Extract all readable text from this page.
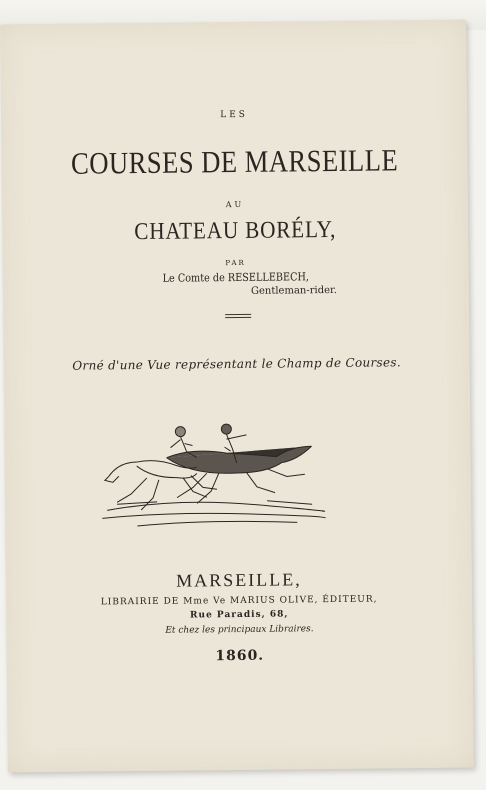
LES
COURSES DE MARSEILLE
AU
CHATEAU BORÉLY,
PAR
Le Comte de RESELLEBECH,
Gentleman-rider.
Orné d'une Vue représentant le Champ de Courses.
MARSEILLE,
LIBRAIRIE DE Mme Ve MARIUS OLIVE, ÉDITEUR,
Rue Paradis, 68,
Et chez les principaux Libraires.
1860.
